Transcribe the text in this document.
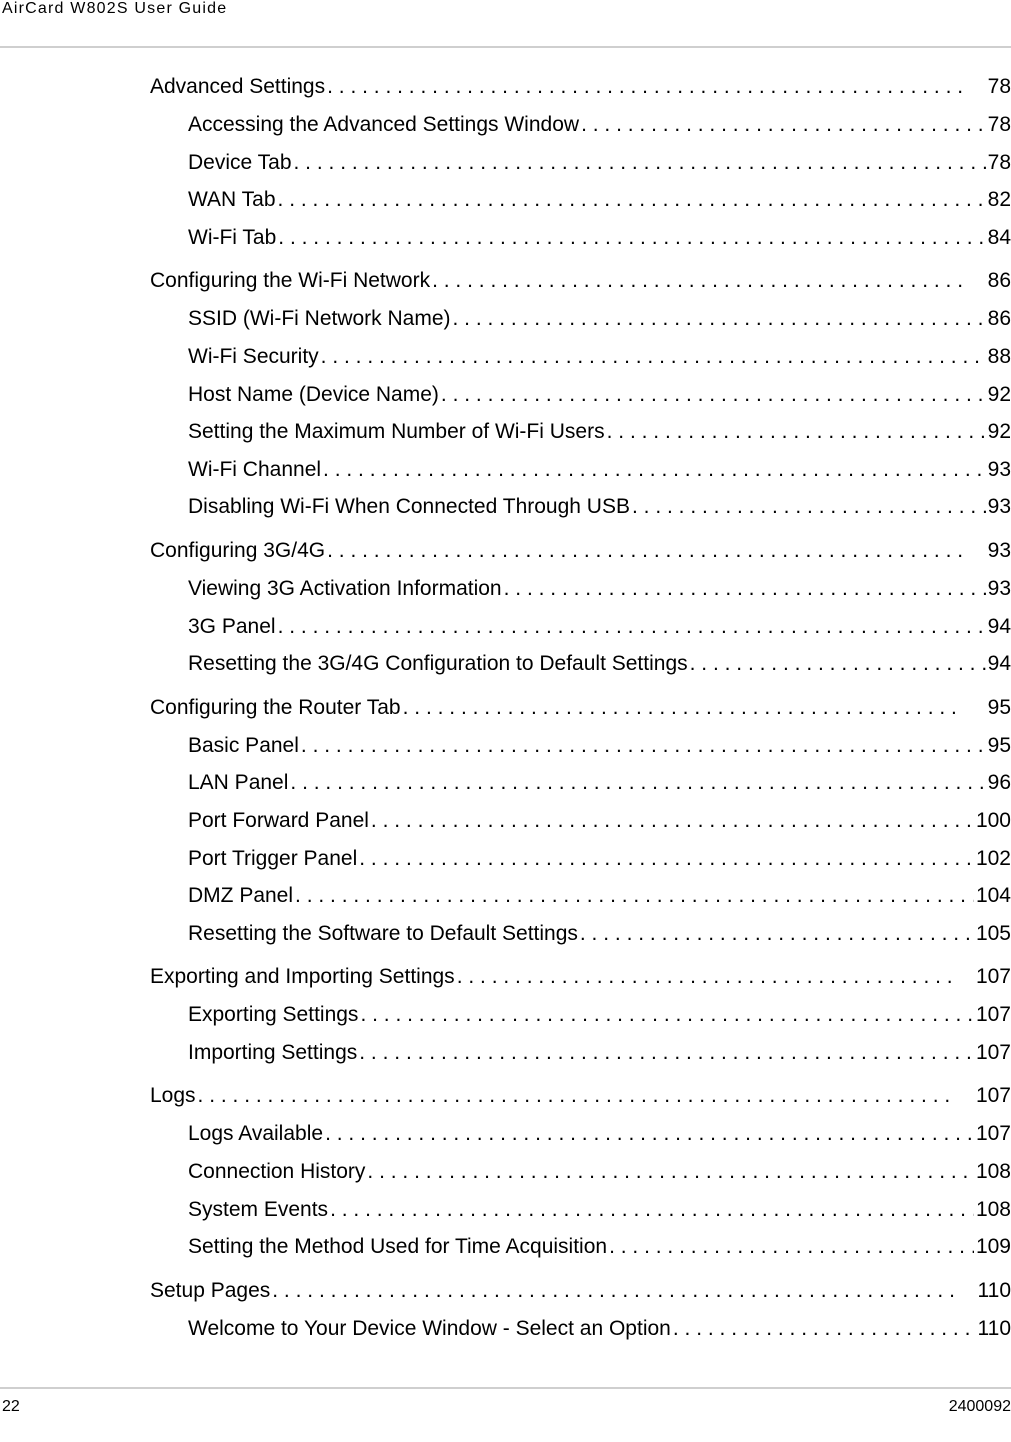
AirCard W802S User Guide
Advanced Settings . . .	78
Accessing the Advanced Settings Window . . .	78
Device Tab . . .	78
WAN Tab . . .	82
Wi-Fi Tab . . .	84
Configuring the Wi-Fi Network . . .	86
SSID (Wi-Fi Network Name) . . .	86
Wi-Fi Security . . .	88
Host Name (Device Name) . . .	92
Setting the Maximum Number of Wi-Fi Users . . .	92
Wi-Fi Channel . . .	93
Disabling Wi-Fi When Connected Through USB . . .	93
Configuring 3G/4G . . .	93
Viewing 3G Activation Information . . .	93
3G Panel . . .	94
Resetting the 3G/4G Configuration to Default Settings . . .	94
Configuring the Router Tab . . .	95
Basic Panel . . .	95
LAN Panel . . .	96
Port Forward Panel . . .	100
Port Trigger Panel . . .	102
DMZ Panel . . .	104
Resetting the Software to Default Settings . . .	105
Exporting and Importing Settings . . .	107
Exporting Settings . . .	107
Importing Settings . . .	107
Logs . . .	107
Logs Available . . .	107
Connection History . . .	108
System Events . . .	108
Setting the Method Used for Time Acquisition . . .	109
Setup Pages . . .	110
Welcome to Your Device Window - Select an Option . . .	110
22	2400092
